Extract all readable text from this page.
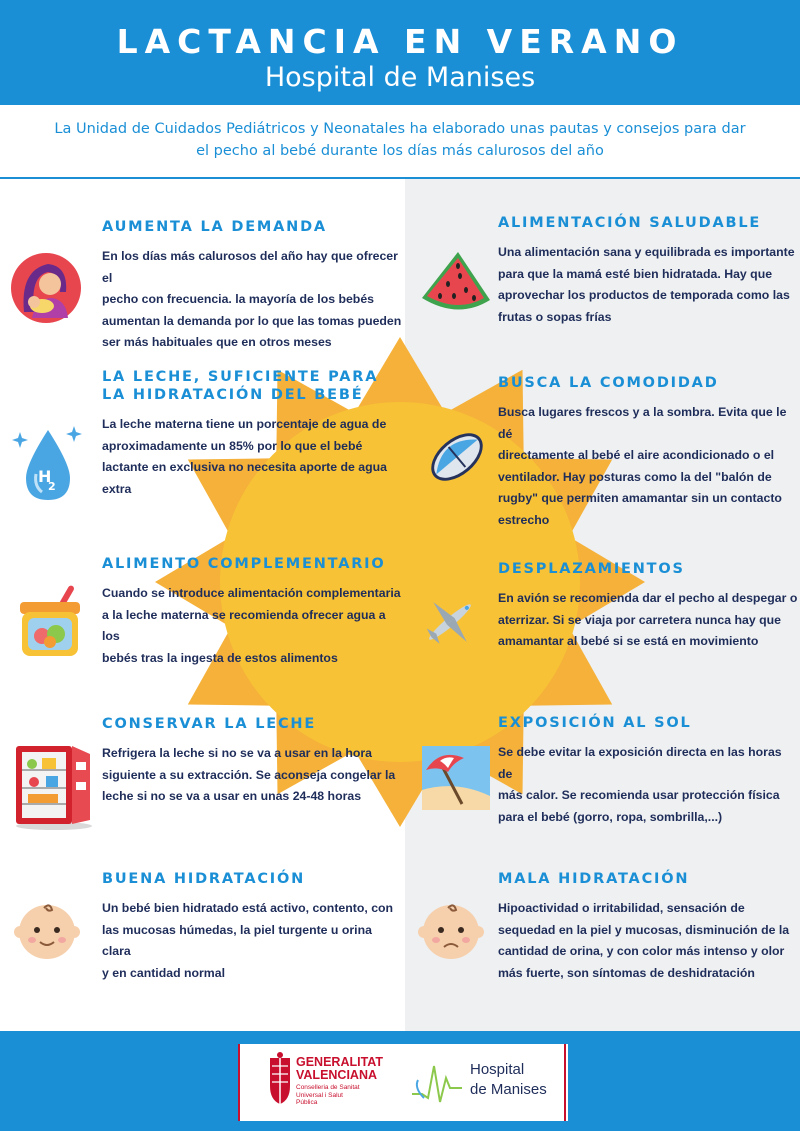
LACTANCIA EN VERANO
Hospital de Manises
La Unidad de Cuidados Pediátricos y Neonatales ha elaborado unas pautas y consejos para dar
el pecho al bebé durante los días más calurosos del año
AUMENTA LA DEMANDA

En los días más calurosos del año hay que ofrecer el
pecho con frecuencia. la mayoría de los bebés
aumentan la demanda por lo que las tomas pueden
ser más habituales que en otros meses

LA LECHE, SUFICIENTE PARA
LA HIDRATACIÓN DEL BEBÉ

La leche materna tiene un porcentaje de agua de
aproximadamente un 85% por lo que el bebé
lactante en exclusiva no necesita aporte de agua
extra

ALIMENTO COMPLEMENTARIO

Cuando se introduce alimentación complementaria
a la leche materna se recomienda ofrecer agua a los
bebés tras la ingesta de estos alimentos

CONSERVAR LA LECHE

Refrigera la leche si no se va a usar en la hora
siguiente a su extracción. Se aconseja congelar la
leche si no se va a usar en unas 24-48 horas

BUENA HIDRATACIÓN

Un bebé bien hidratado está activo, contento, con
las mucosas húmedas, la piel turgente u orina clara
y en cantidad normal

ALIMENTACIÓN SALUDABLE

Una alimentación sana y equilibrada es importante
para que la mamá esté bien hidratada. Hay que
aprovechar los productos de temporada como las
frutas o sopas frías

BUSCA LA COMODIDAD

Busca lugares frescos y a la sombra. Evita que le dé
directamente al bebé el aire acondicionado o el
ventilador. Hay posturas como la del "balón de
rugby" que permiten amamantar sin un contacto
estrecho

DESPLAZAMIENTOS

En avión se recomienda dar el pecho al despegar o
aterrizar. Si se viaja por carretera nunca hay que
amamantar al bebé si se está en movimiento

EXPOSICIÓN AL SOL

Se debe evitar la exposición directa en las horas de
más calor. Se recomienda usar protección física
para el bebé (gorro, ropa, sombrilla,...)

MALA HIDRATACIÓN

Hipoactividad o irritabilidad, sensación de
sequedad en la piel y mucosas, disminución de la
cantidad de orina, y con color más intenso y olor
más fuerte, son síntomas de deshidratación

H
2
GENERALITAT
VALENCIANA
Conselleria de Sanitat
Universal i Salut Pública
Hospital
de Manises
